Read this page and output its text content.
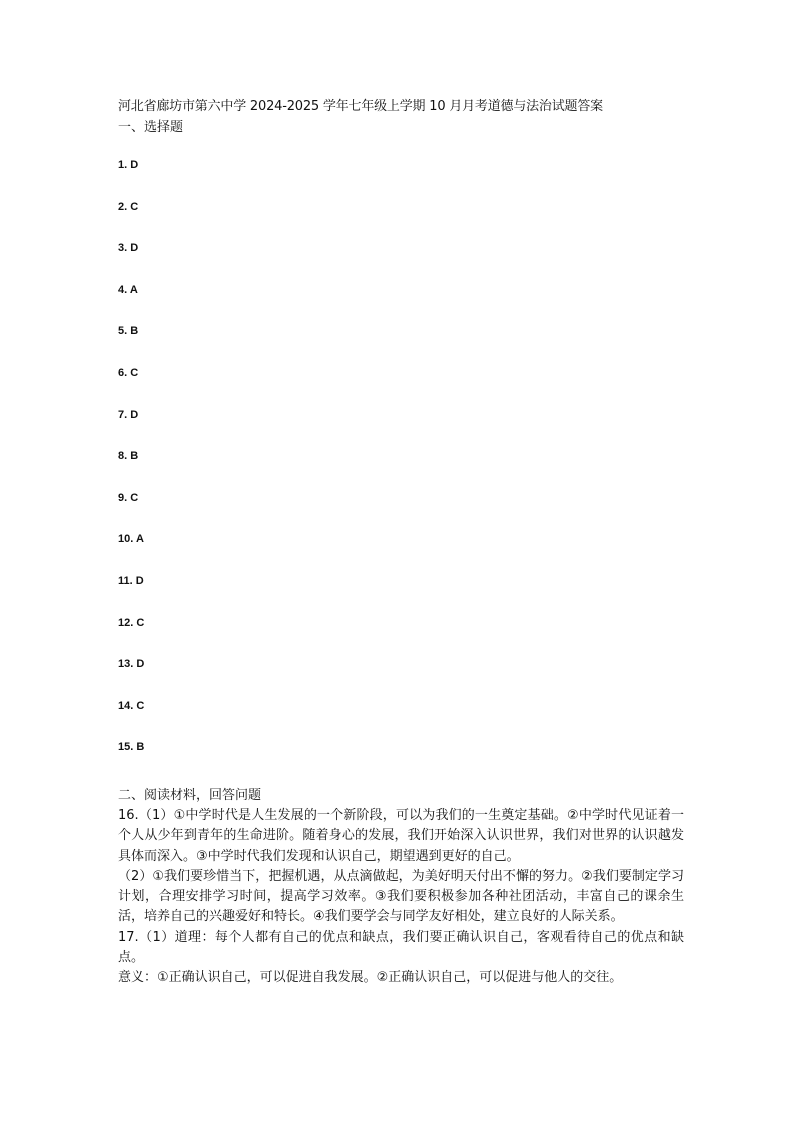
河北省廊坊市第六中学 2024-2025 学年七年级上学期 10 月月考道德与法治试题答案
一、选择题
1. D
2. C
3. D
4. A
5. B
6. C
7. D
8. B
9. C
10. A
11. D
12. C
13. D
14. C
15. B
二、阅读材料，回答问题
16.（1）①中学时代是人生发展的一个新阶段，可以为我们的一生奠定基础。②中学时代见证着一个人从少年到青年的生命进阶。随着身心的发展，我们开始深入认识世界，我们对世界的认识越发具体而深入。③中学时代我们发现和认识自己，期望遇到更好的自己。
（2）①我们要珍惜当下，把握机遇，从点滴做起，为美好明天付出不懈的努力。②我们要制定学习计划，合理安排学习时间，提高学习效率。③我们要积极参加各种社团活动，丰富自己的课余生活，培养自己的兴趣爱好和特长。④我们要学会与同学友好相处，建立良好的人际关系。
17.（1）道理：每个人都有自己的优点和缺点，我们要正确认识自己，客观看待自己的优点和缺点。
意义：①正确认识自己，可以促进自我发展。②正确认识自己，可以促进与他人的交往。
